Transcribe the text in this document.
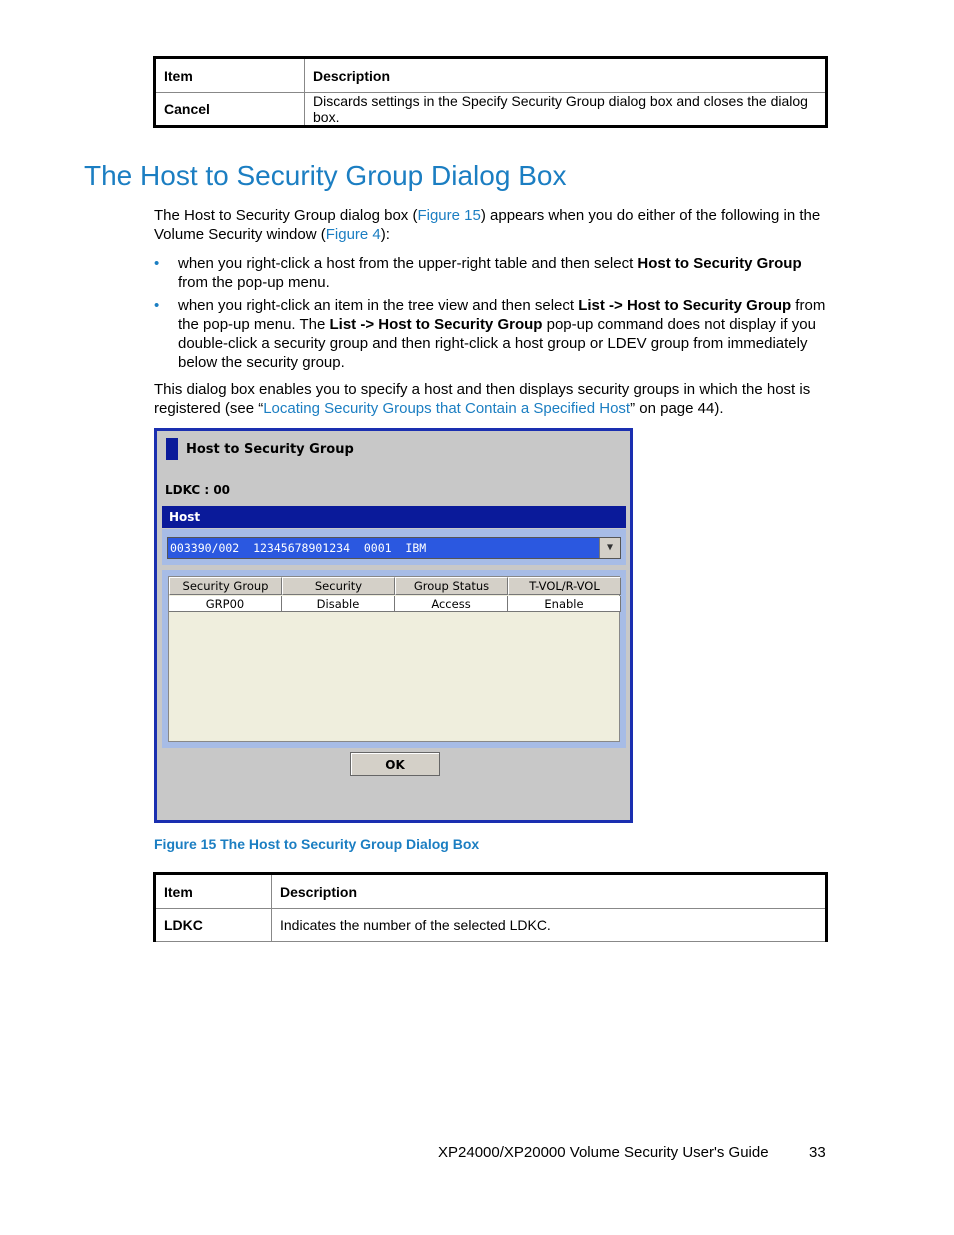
Item	Description
Cancel	Discards settings in the Specify Security Group dialog box and closes the dialog box.
The Host to Security Group Dialog Box

The Host to Security Group dialog box (Figure 15) appears when you do either of the following in the Volume Security window (Figure 4):

• when you right-click a host from the upper-right table and then select Host to Security Group from the pop-up menu.
• when you right-click an item in the tree view and then select List -> Host to Security Group from the pop-up menu. The List -> Host to Security Group pop-up command does not display if you double-click a security group and then right-click a host group or LDEV group from immediately below the security group.

This dialog box enables you to specify a host and then displays security groups in which the host is registered (see “Locating Security Groups that Contain a Specified Host” on page 44).

Host to Security Group
LDKC : 00
Host
003390/002  12345678901234  0001  IBM	▼
Security Group	Security	Group Status	T-VOL/R-VOL
GRP00	Disable	Access	Enable
OK
Figure 15 The Host to Security Group Dialog Box
Item	Description
LDKC	Indicates the number of the selected LDKC.
XP24000/XP20000 Volume Security User's Guide	33
